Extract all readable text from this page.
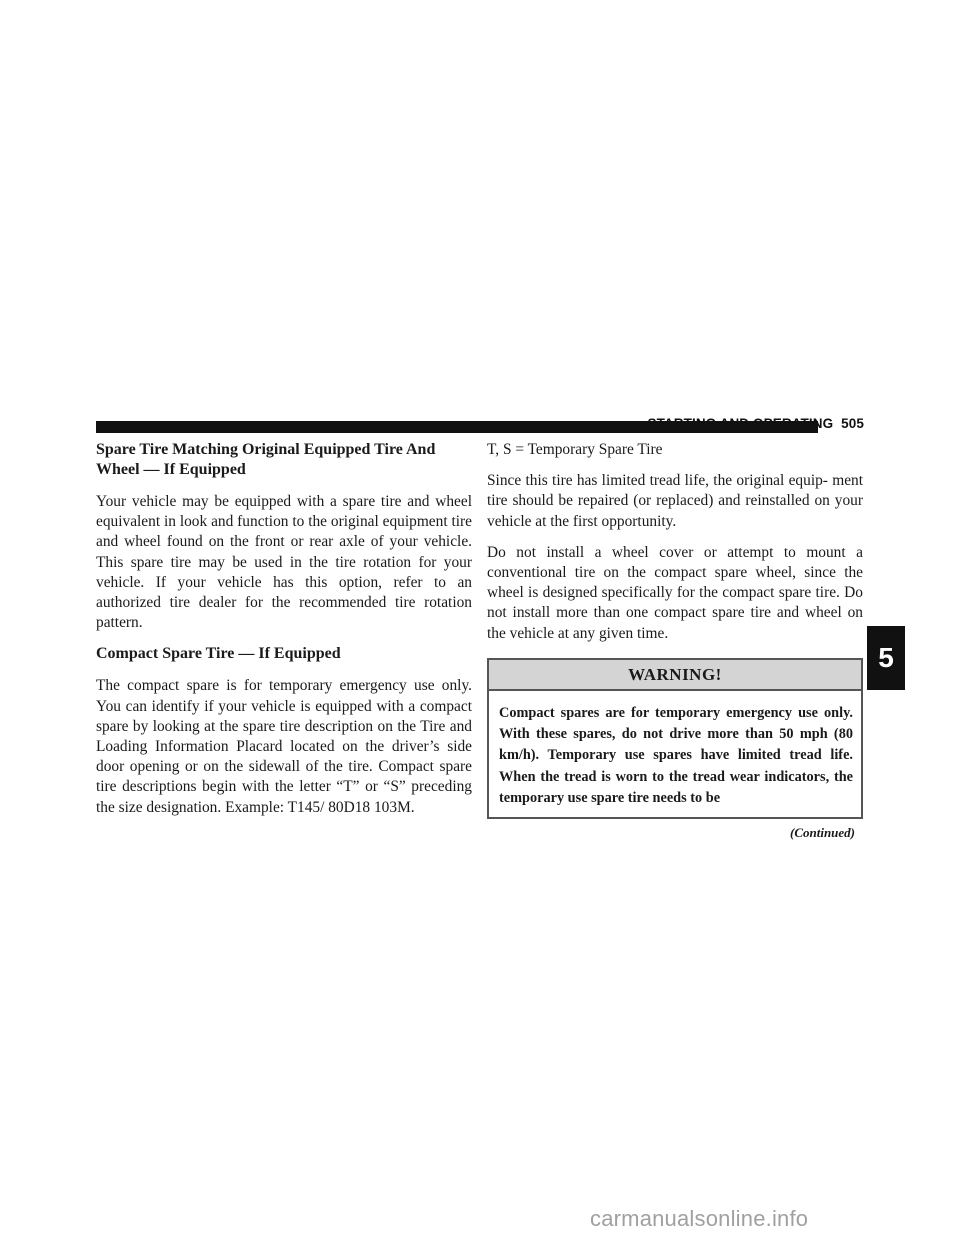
STARTING AND OPERATING 505
Spare Tire Matching Original Equipped Tire And Wheel — If Equipped

Your vehicle may be equipped with a spare tire and wheel equivalent in look and function to the original equipment tire and wheel found on the front or rear axle of your vehicle. This spare tire may be used in the tire rotation for your vehicle. If your vehicle has this option, refer to an authorized tire dealer for the recommended tire rotation pattern.

Compact Spare Tire — If Equipped

The compact spare is for temporary emergency use only. You can identify if your vehicle is equipped with a compact spare by looking at the spare tire description on the Tire and Loading Information Placard located on the driver’s side door opening or on the sidewall of the tire. Compact spare tire descriptions begin with the letter “T” or “S” preceding the size designation. Example: T145/ 80D18 103M.

T, S = Temporary Spare Tire

Since this tire has limited tread life, the original equip- ment tire should be repaired (or replaced) and reinstalled on your vehicle at the first opportunity.

Do not install a wheel cover or attempt to mount a conventional tire on the compact spare wheel, since the wheel is designed specifically for the compact spare tire. Do not install more than one compact spare tire and wheel on the vehicle at any given time.

WARNING!
Compact spares are for temporary emergency use only. With these spares, do not drive more than 50 mph (80 km/h). Temporary use spares have limited tread life. When the tread is worn to the tread wear indicators, the temporary use spare tire needs to be
(Continued)
5
carmanualsonline.info
